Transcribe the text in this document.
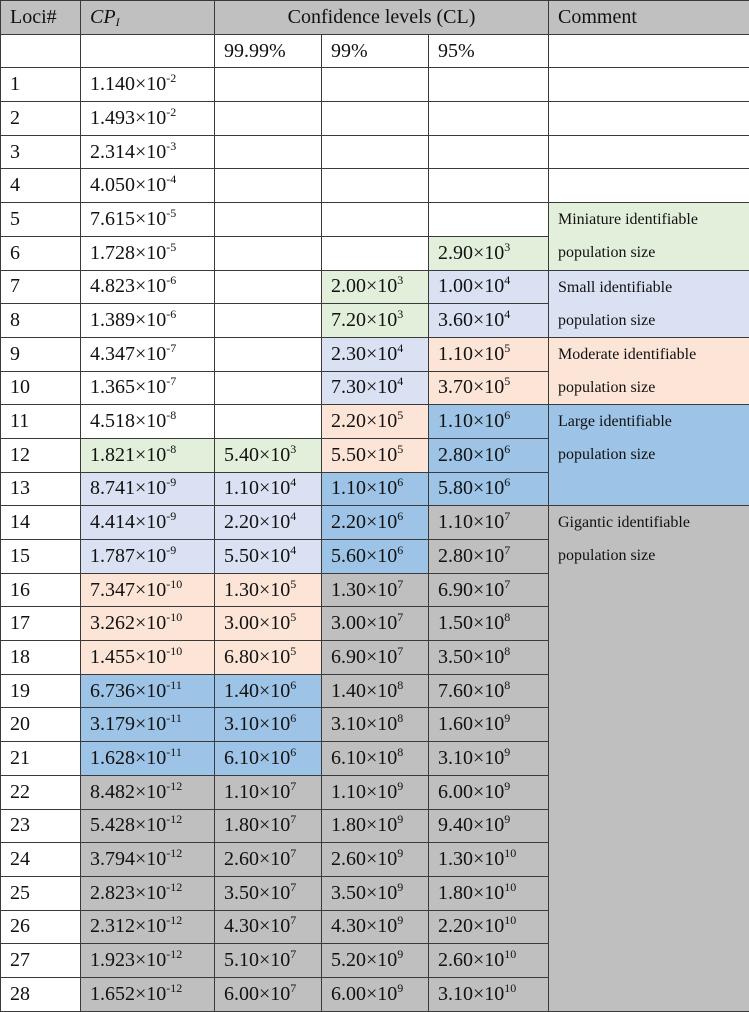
Loci#	$CP_I$	Confidence levels (CL)			Comment
		99.99%	99%	95%	
1	$1.140\times 10^{-2}$				
2	$1.493\times 10^{-2}$				
3	$2.314\times 10^{-3}$				
4	$4.050\times 10^{-4}$				
5	$7.615\times 10^{-5}$				Miniature identifiable
population size

6	$1.728\times 10^{-5}$			$2.90\times 10^3$
7	$4.823\times 10^{-6}$		$2.00\times 10^3$	$1.00\times 10^4$	Small identifiable
population size

8	$1.389\times 10^{-6}$		$7.20\times 10^3$	$3.60\times 10^4$
9	$4.347\times 10^{-7}$		$2.30\times 10^4$	$1.10\times 10^5$	Moderate identifiable
population size

10	$1.365\times 10^{-7}$		$7.30\times 10^4$	$3.70\times 10^5$
11	$4.518\times 10^{-8}$		$2.20\times 10^5$	$1.10\times 10^6$	Large identifiable
population size

12	$1.821\times 10^{-8}$	$5.40\times 10^3$	$5.50\times 10^5$	$2.80\times 10^6$
13	$8.741\times 10^{-9}$	$1.10\times 10^4$	$1.10\times 10^6$	$5.80\times 10^6$
14	$4.414\times 10^{-9}$	$2.20\times 10^4$	$2.20\times 10^6$	$1.10\times 10^7$	Gigantic identifiable
population size

15	$1.787\times 10^{-9}$	$5.50\times 10^4$	$5.60\times 10^6$	$2.80\times 10^7$
16	$7.347\times 10^{-10}$	$1.30\times 10^5$	$1.30\times 10^7$	$6.90\times 10^7$
17	$3.262\times 10^{-10}$	$3.00\times 10^5$	$3.00\times 10^7$	$1.50\times 10^8$
18	$1.455\times 10^{-10}$	$6.80\times 10^5$	$6.90\times 10^7$	$3.50\times 10^8$
19	$6.736\times 10^{-11}$	$1.40\times 10^6$	$1.40\times 10^8$	$7.60\times 10^8$
20	$3.179\times 10^{-11}$	$3.10\times 10^6$	$3.10\times 10^8$	$1.60\times 10^9$
21	$1.628\times 10^{-11}$	$6.10\times 10^6$	$6.10\times 10^8$	$3.10\times 10^9$
22	$8.482\times 10^{-12}$	$1.10\times 10^7$	$1.10\times 10^9$	$6.00\times 10^9$
23	$5.428\times 10^{-12}$	$1.80\times 10^7$	$1.80\times 10^9$	$9.40\times 10^9$
24	$3.794\times 10^{-12}$	$2.60\times 10^7$	$2.60\times 10^9$	$1.30\times 10^{10}$
25	$2.823\times 10^{-12}$	$3.50\times 10^7$	$3.50\times 10^9$	$1.80\times 10^{10}$
26	$2.312\times 10^{-12}$	$4.30\times 10^7$	$4.30\times 10^9$	$2.20\times 10^{10}$
27	$1.923\times 10^{-12}$	$5.10\times 10^7$	$5.20\times 10^9$	$2.60\times 10^{10}$
28	$1.652\times 10^{-12}$	$6.00\times 10^7$	$6.00\times 10^9$	$3.10\times 10^{10}$
